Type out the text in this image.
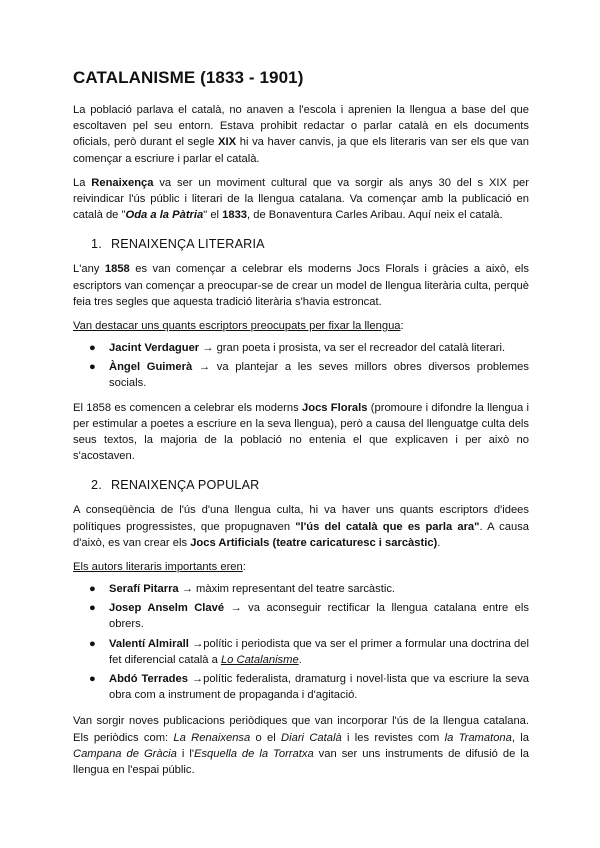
CATALANISME (1833 - 1901)

La població parlava el català, no anaven a l'escola i aprenien la llengua a base del que escoltaven pel seu entorn. Estava prohibit redactar o parlar català en els documents oficials, però durant el segle XIX hi va haver canvis, ja que els literaris van ser els que van començar a escriure i parlar el català.

La Renaixença va ser un moviment cultural que va sorgir als anys 30 del s XIX per reivindicar l'ús públic i literari de la llengua catalana. Va començar amb la publicació en català de "Oda a la Pàtria" el 1833, de Bonaventura Carles Aribau. Aquí neix el català.

1. RENAIXENÇA LITERARIA

L'any 1858 es van començar a celebrar els moderns Jocs Florals i gràcies a això, els escriptors van començar a preocupar-se de crear un model de llengua literària culta, perquè feia tres segles que aquesta tradició literària s'havia estroncat.

Van destacar uns quants escriptors preocupats per fixar la llengua:
● Jacint Verdaguer → gran poeta i prosista, va ser el recreador del català literari.
● Àngel Guimerà → va plantejar a les seves millors obres diversos problemes socials.

El 1858 es comencen a celebrar els moderns Jocs Florals (promoure i difondre la llengua i per estimular a poetes a escriure en la seva llengua), però a causa del llenguatge culta dels seus textos, la majoria de la població no entenia el que explicaven i per això no s'acostaven.

2. RENAIXENÇA POPULAR

A conseqüència de l'ús d'una llengua culta, hi va haver uns quants escriptors d'idees polítiques progressistes, que propugnaven "l'ús del català que es parla ara". A causa d'això, es van crear els Jocs Artificials (teatre caricaturesc i sarcàstic).

Els autors literaris importants eren:
● Serafí Pitarra → màxim representant del teatre sarcàstic.
● Josep Anselm Clavé → va aconseguir rectificar la llengua catalana entre els obrers.
● Valentí Almirall →polític i periodista que va ser el primer a formular una doctrina del fet diferencial català a Lo Catalanisme.
● Abdó Terrades →polític federalista, dramaturg i novel·lista que va escriure la seva obra com a instrument de propaganda i d'agitació.

Van sorgir noves publicacions periòdiques que van incorporar l'ús de la llengua catalana. Els periòdics com: La Renaixensa o el Diari Català i les revistes com la Tramatona, la Campana de Gràcia i l'Esquella de la Torratxa van ser uns instruments de difusió de la llengua en l'espai públic.
